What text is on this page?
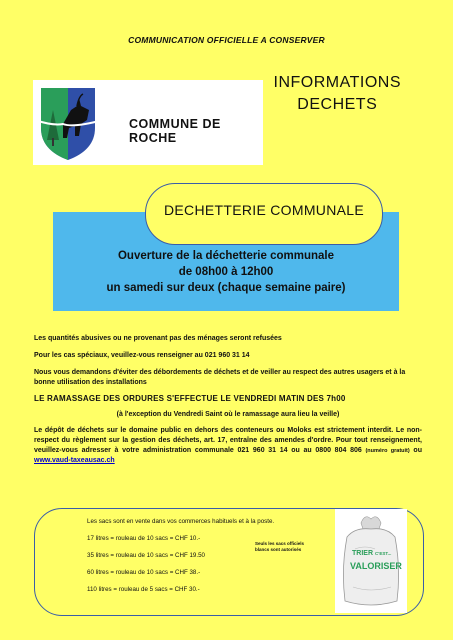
COMMUNICATION OFFICIELLE A CONSERVER
INFORMATIONS
DECHETS
COMMUNE DE ROCHE
Ouverture de la déchetterie communale
de 08h00 à 12h00
un samedi sur deux (chaque semaine paire)
DECHETTERIE COMMUNALE

Les quantités abusives ou ne provenant pas des ménages seront refusées

Pour les cas spéciaux, veuillez-vous renseigner au 021 960 31 14

Nous vous demandons d'éviter des débordements de déchets et de veiller au respect des autres usagers et à la bonne utilisation des installations

LE RAMASSAGE DES ORDURES S'EFFECTUE LE VENDREDI MATIN DES 7h00

(à l'exception du Vendredi Saint où le ramassage aura lieu la veille)

Le dépôt de déchets sur le domaine public en dehors des conteneurs ou Moloks est strictement interdit. Le non-respect du règlement sur la gestion des déchets, art. 17, entraîne des amendes d'ordre. Pour tout renseignement, veuillez-vous adresser à votre administration communale 021 960 31 14 ou au 0800 804 806 (numéro gratuit) ou www.vaud-taxeausac.ch

Les sacs sont en vente dans vos commerces habituels et à la poste.
17 litres = rouleau de 10 sacs = CHF 10.-
35 litres = rouleau de 10 sacs = CHF 19.50
60 litres = rouleau de 10 sacs = CHF 38.-
110 litres = rouleau de 5 sacs = CHF 30.-
Seuls les sacs officiels
blancs sont autorisés
TRIER C'EST...
VALORISER
